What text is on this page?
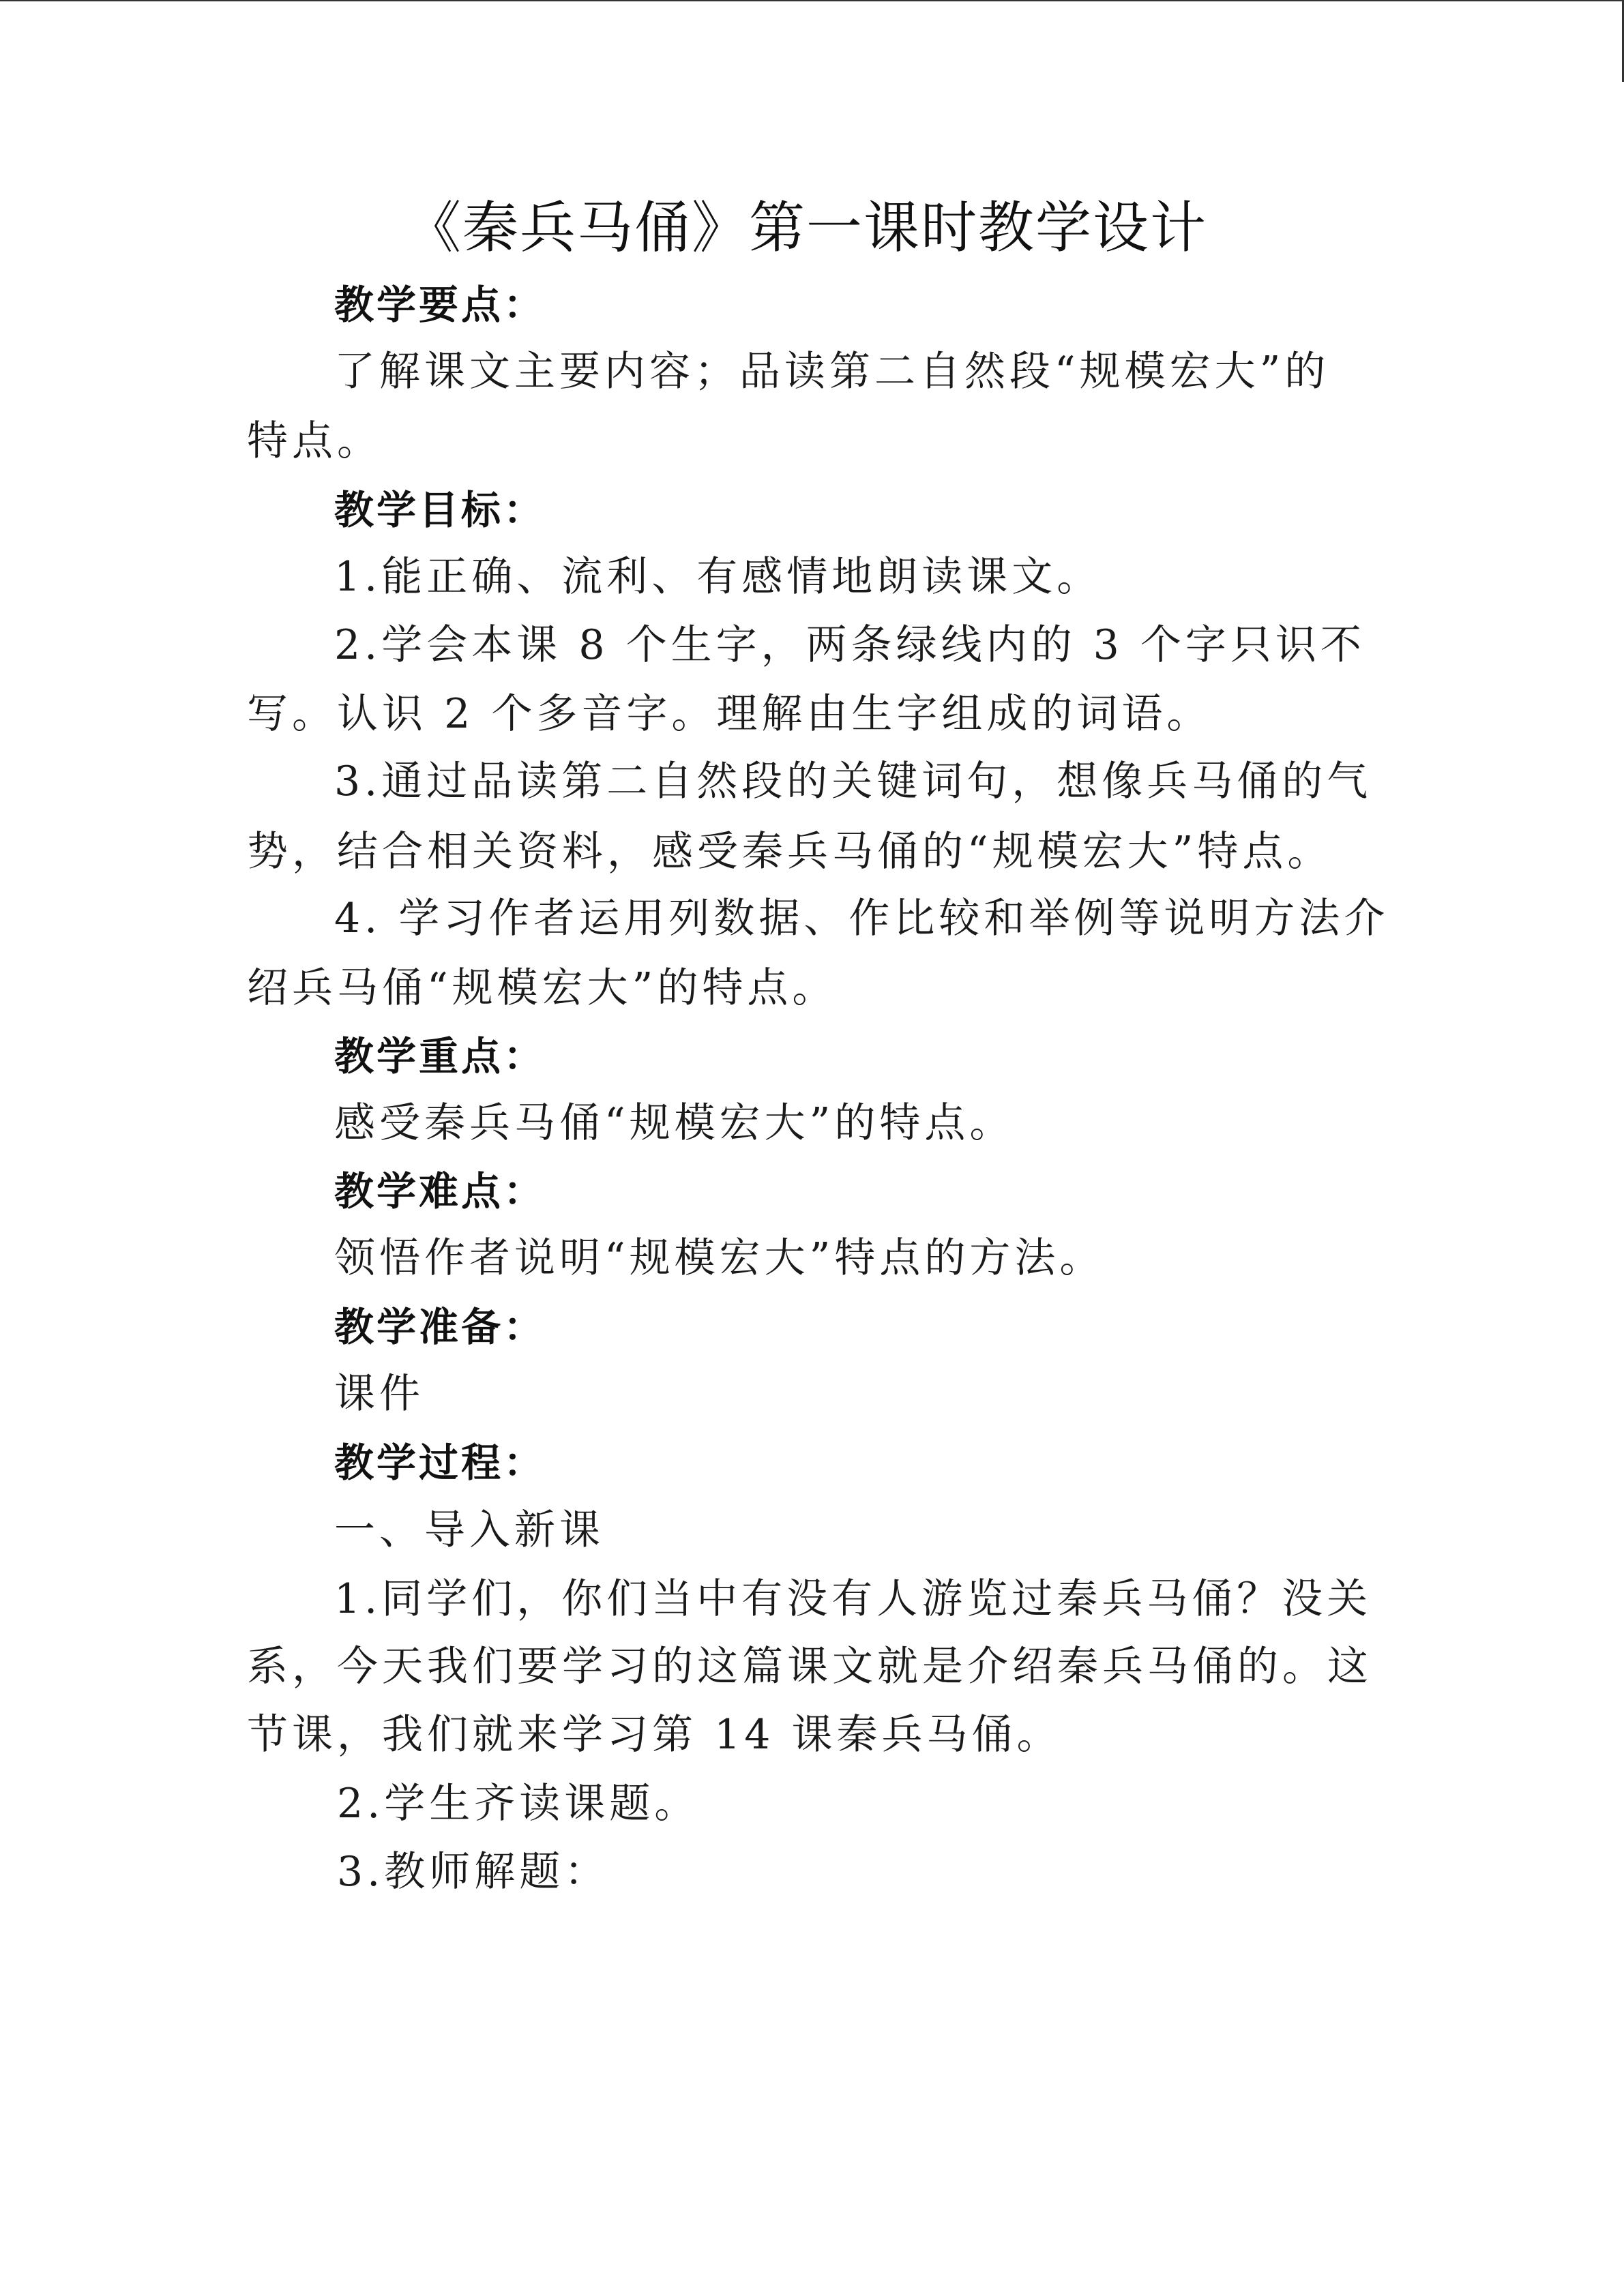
《秦兵马俑》第一课时教学设计
教学要点：
了解课文主要内容；品读第二自然段“规模宏大”的
特点。
教学目标：
1.能正确、流利、有感情地朗读课文。
2.学会本课 8 个生字，两条绿线内的 3 个字只识不
写。认识 2 个多音字。理解由生字组成的词语。
3.通过品读第二自然段的关键词句，想像兵马俑的气
势，结合相关资料，感受秦兵马俑的“规模宏大”特点。
4. 学习作者运用列数据、作比较和举例等说明方法介
绍兵马俑“规模宏大”的特点。
教学重点：
感受秦兵马俑“规模宏大”的特点。
教学难点：
领悟作者说明“规模宏大”特点的方法。
教学准备：
课件
教学过程：
一、导入新课
1.同学们，你们当中有没有人游览过秦兵马俑？没关
系，今天我们要学习的这篇课文就是介绍秦兵马俑的。这
节课，我们就来学习第 14 课秦兵马俑。
2.学生齐读课题。
3.教师解题：
